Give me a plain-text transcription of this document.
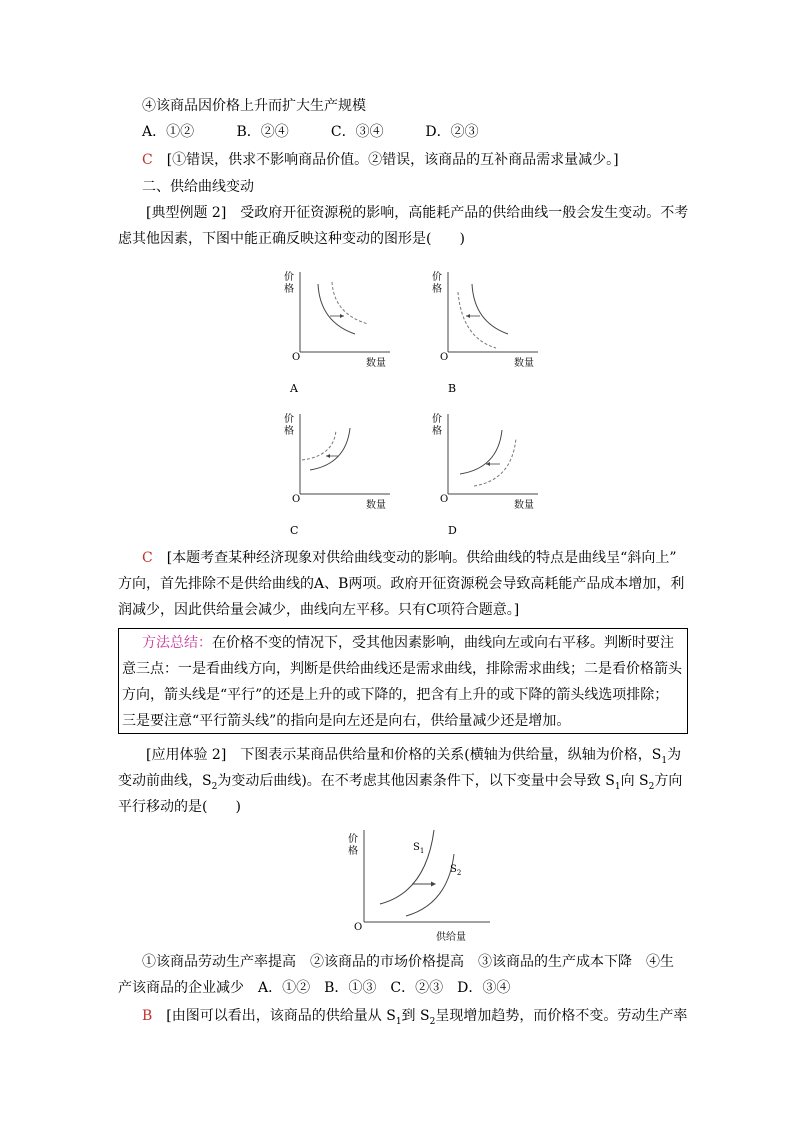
④该商品因价格上升而扩大生产规模
A．①②	B．②④	C．③④	D．②③
C　 [①错误，供求不影响商品价值。②错误，该商品的互补商品需求量减少。]
二、供给曲线变动
[典型例题 2]　受政府开征资源税的影响，高能耗产品的供给曲线一般会发生变动。不考
虑其他因素，下图中能正确反映这种变动的图形是(　　)
价
格
O
数量
A
价
格
O
数量
B
价
格
O
数量
C
价
格
O
数量
D
C　 [本题考查某种经济现象对供给曲线变动的影响。供给曲线的特点是曲线呈“斜向上”
方向，首先排除不是供给曲线的A、B两项。政府开征资源税会导致高耗能产品成本增加，利
润减少，因此供给量会减少，曲线向左平移。只有C项符合题意。]
方法总结：在价格不变的情况下，受其他因素影响，曲线向左或向右平移。判断时要注
意三点：一是看曲线方向，判断是供给曲线还是需求曲线，排除需求曲线；二是看价格箭头
方向，箭头线是“平行”的还是上升的或下降的，把含有上升的或下降的箭头线选项排除；
三是要注意“平行箭头线”的指向是向左还是向右，供给量减少还是增加。
[应用体验 2]　下图表示某商品供给量和价格的关系(横轴为供给量，纵轴为价格，$S_1$为
变动前曲线，$S_2$为变动后曲线)。在不考虑其他因素条件下，以下变量中会导致 $S_1$向 $S_2$方向
平行移动的是(　　)
价
格
O
供给量
$S_1$
$S_2$
①该商品劳动生产率提高　②该商品的市场价格提高　③该商品的生产成本下降　④生
产该商品的企业减少　A．①②　B．①③　C．②③　D．③④
B　 [由图可以看出，该商品的供给量从 $S_1$到 $S_2$呈现增加趋势，而价格不变。劳动生产率
